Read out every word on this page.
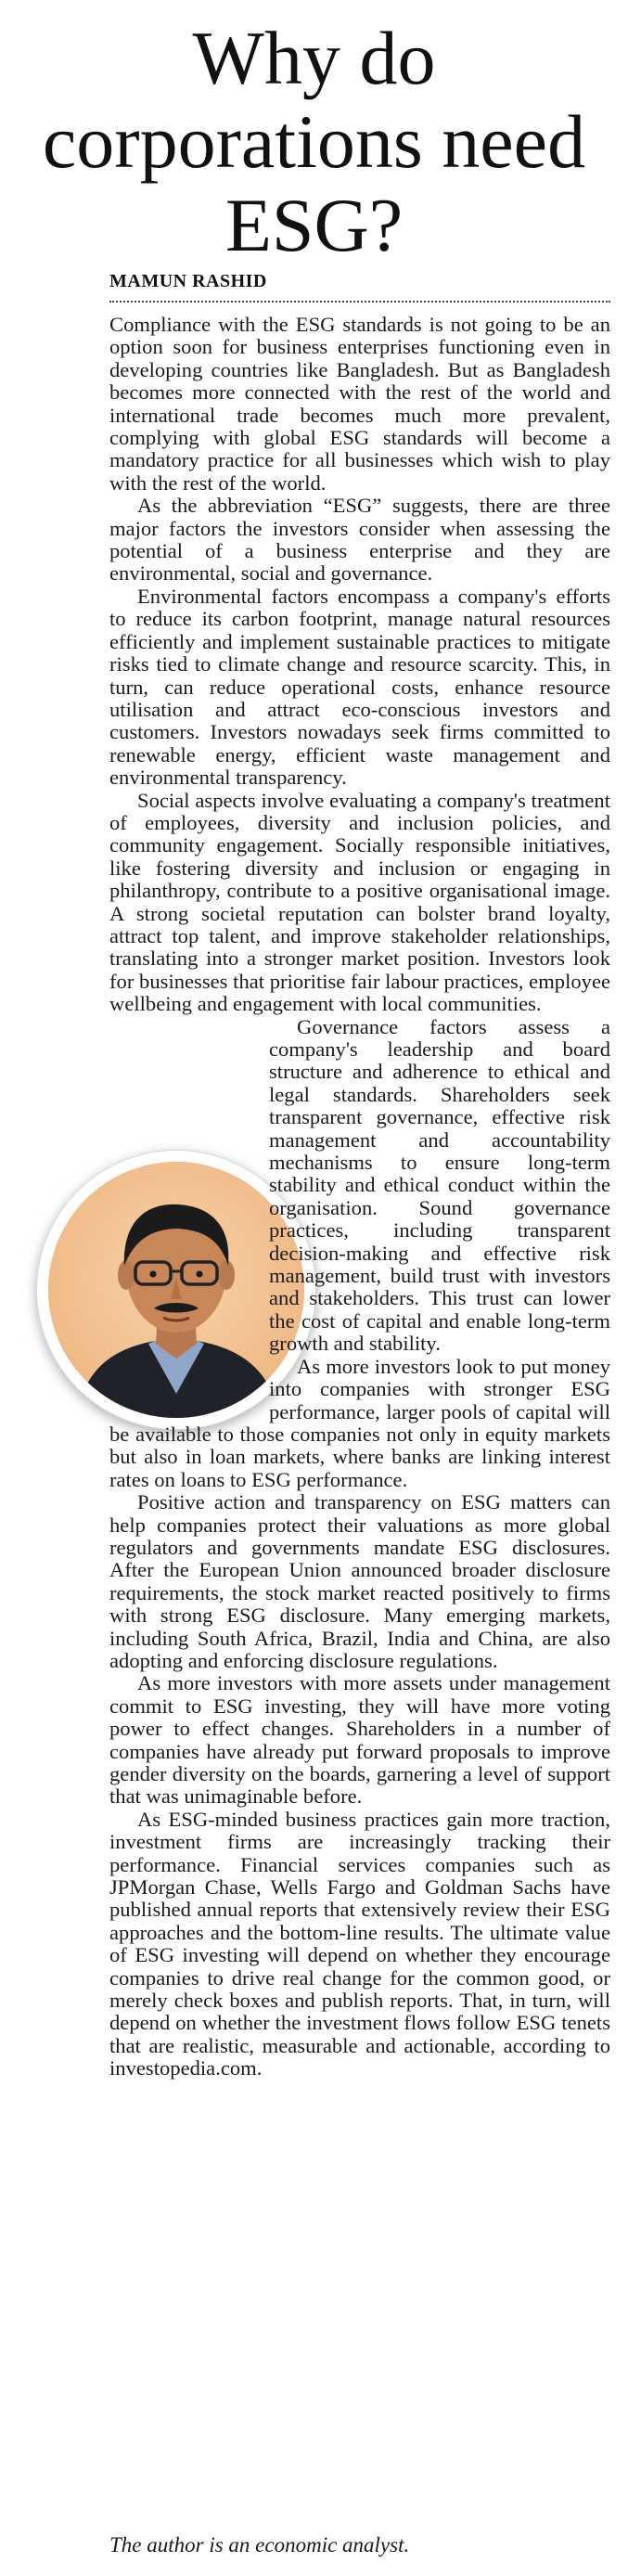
Why do corporations need ESG?
MAMUN RASHID

Compliance with the ESG standards is not going to be an option soon for business enterprises functioning even in developing countries like Bangladesh. But as Bangladesh becomes more connected with the rest of the world and international trade becomes much more prevalent, complying with global ESG standards will become a mandatory practice for all businesses which wish to play with the rest of the world.

As the abbreviation “ESG” suggests, there are three major factors the investors consider when assessing the potential of a business enterprise and they are environmental, social and governance.

Environmental factors encompass a company's efforts to reduce its carbon footprint, manage natural resources efficiently and implement sustainable practices to mitigate risks tied to climate change and resource scarcity. This, in turn, can reduce operational costs, enhance resource utilisation and attract eco-conscious investors and customers. Investors nowadays seek firms committed to renewable energy, efficient waste management and environmental transparency.

Social aspects involve evaluating a company's treatment of employees, diversity and inclusion policies, and community engagement. Socially responsible initiatives, like fostering diversity and inclusion or engaging in philanthropy, contribute to a positive organisational image. A strong societal reputation can bolster brand loyalty, attract top talent, and improve stakeholder relationships, translating into a stronger market position. Investors look for businesses that prioritise fair labour practices, employee wellbeing and engagement with local communities.

Governance factors assess a company's leadership and board structure and adherence to ethical and legal standards. Shareholders seek transparent governance, effective risk management and accountability mechanisms to ensure long-term stability and ethical conduct within the organisation. Sound governance practices, including transparent decision-making and effective risk management, build trust with investors and stakeholders. This trust can lower the cost of capital and enable long-term growth and stability.

As more investors look to put money into companies with stronger ESG performance, larger pools of capital will be available to those companies not only in equity markets but also in loan markets, where banks are linking interest rates on loans to ESG performance.

Positive action and transparency on ESG matters can help companies protect their valuations as more global regulators and governments mandate ESG disclosures. After the European Union announced broader disclosure requirements, the stock market reacted positively to firms with strong ESG disclosure. Many emerging markets, including South Africa, Brazil, India and China, are also adopting and enforcing disclosure regulations.

As more investors with more assets under management commit to ESG investing, they will have more voting power to effect changes. Shareholders in a number of companies have already put forward proposals to improve gender diversity on the boards, garnering a level of support that was unimaginable before.

As ESG-minded business practices gain more traction, investment firms are increasingly tracking their performance. Financial services companies such as JPMorgan Chase, Wells Fargo and Goldman Sachs have published annual reports that extensively review their ESG approaches and the bottom-line results. The ultimate value of ESG investing will depend on whether they encourage companies to drive real change for the common good, or merely check boxes and publish reports. That, in turn, will depend on whether the investment flows follow ESG tenets that are realistic, measurable and actionable, according to investopedia.com.

The author is an economic analyst.
